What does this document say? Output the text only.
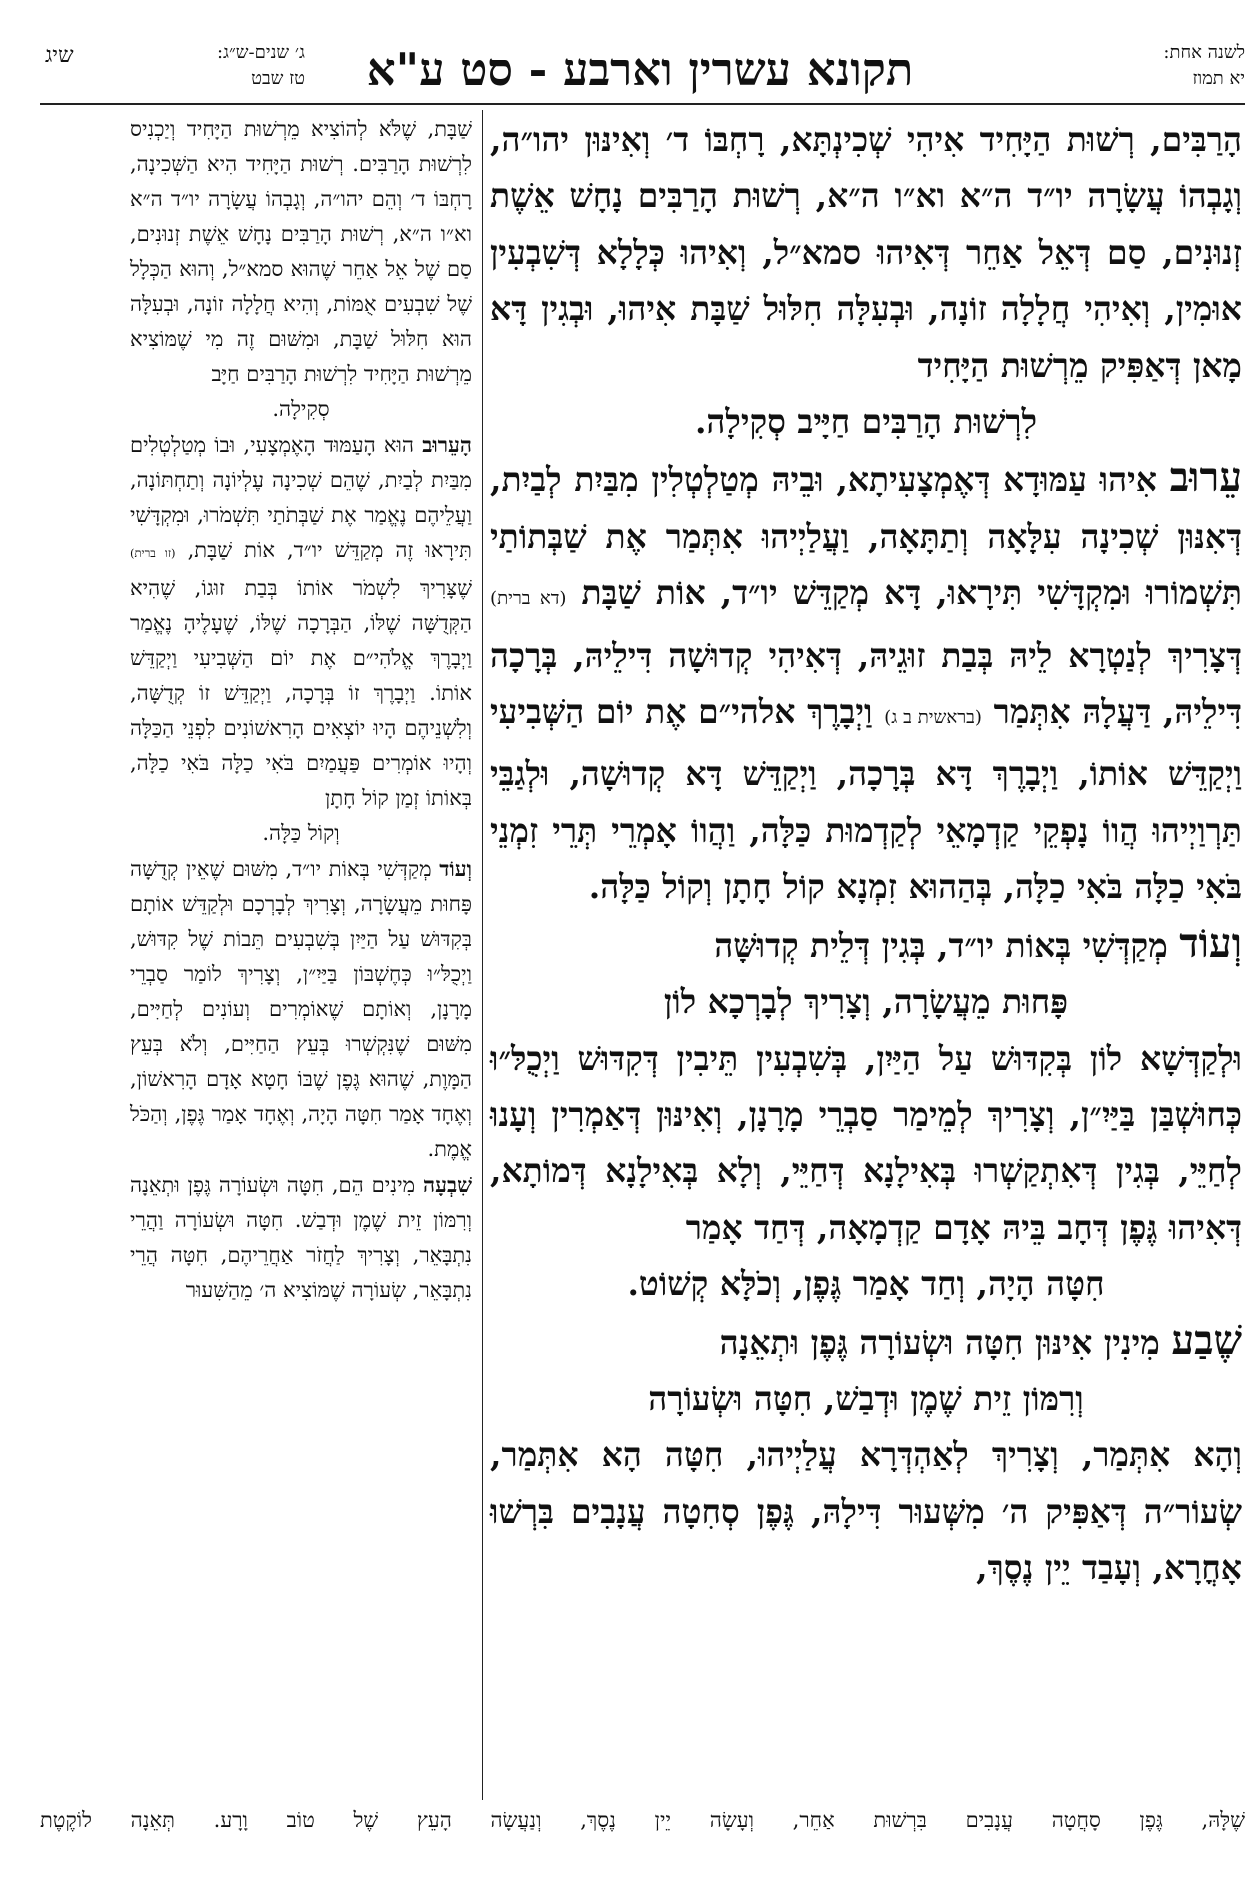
לשנה אחת:
יא תמוז
תקונא עשרין וארבע - סט ע"א
שיג	ג׳ שנים-ש״ג:
טז שבט

הָרַבִּים, רְשׁוּת הַיָּחִיד אִיהִי שְׁכִינְתָּא, רָחְבּוֹ ד׳ וְאִינּוּן יהו״ה, וְגָבְהוֹ עֲשָׂרָה יו״ד ה״א וא״ו ה״א, רְשׁוּת הָרַבִּים נָחָשׁ אֵשֶׁת זְנוּנִים, סַם דְּאֵל אַחֵר דְּאִיהוּ סמא״ל, וְאִיהוּ כְּלָלָא דְּשִׁבְעִין אוּמִין, וְאִיהִי חֲלָלָה זוֹנָה, וּבְעִלָּה חִלּוּל שַׁבָּת אִיהוּ, וּבְגִין דָּא מָאן דְּאַפִּיק מֵרְשׁוּת הַיָּחִיד

לִרְשׁוּת הָרַבִּים חַיָּיב סְקִילָה.

עֵרוּב אִיהוּ עַמּוּדָא דְּאֶמְצָעִיתָא, וּבֵיהּ מְטַלְטְלִין מִבַּיִת לְבַיִת, דְּאִנּוּן שְׁכִינָה עִלָּאָה וְתַתָּאָה, וַעֲלַיְיהוּ אִתְּמַר אֶת שַׁבְּתוֹתַי תִּשְׁמוֹרוּ וּמִקְדָּשִׁי תִּירָאוּ, דָּא מְקַדֵּשׁ יו״ד, אוֹת שַׁבָּת (דא ברית) דְּצָרִיךְ לְנַטְרָא לֵיהּ בְּבַת זוּגֵיהּ, דְּאִיהִי קְדוּשָׁה דִּילֵיהּ, בְּרָכָה דִּילֵיהּ, דַּעֲלָהּ אִתְּמַר (בראשית ב ג) וַיְבָרֶךְ אלהי״ם אֶת יוֹם הַשְּׁבִיעִי וַיְקַדֵּשׁ אוֹתוֹ, וַיְבָרֶךְ דָּא בְּרָכָה, וַיְקַדֵּשׁ דָּא קְדוּשָׁה, וּלְגַבֵּי תַּרְוַיְיהוּ הֲווֹ נָפְקֵי קַדְמָאֵי לְקַדְמוּת כַּלָּה, וַהֲווֹ אָמְרֵי תְּרֵי זִמְנֵי בֹּאִי כַלָּה בֹּאִי כַלָּה, בְּהַהוּא זִמְנָא קוֹל חָתָן וְקוֹל כַּלָּה.

וְעוֹד מְקַדְּשִׁי בְּאוֹת יו״ד, בְּגִין דְּלֵית קְדוּשָּׁה

פָּחוּת מֵעֲשָׂרָה, וְצָרִיךְ לְבָרְכָא לוֹן

וּלְקַדְּשָׁא לוֹן בְּקִדּוּשׁ עַל הַיַּיִן, בְּשִׁבְעִין תֵּיבִין דְּקִדּוּשׁ וַיְכֻלּ״וּ כְּחוּשְׁבַּן בַּיַּיִ״ן, וְצָרִיךְ לְמֵימַר סַבְרֵי מָרָנָן, וְאִינּוּן דְּאַמְרִין וְעָנוּ לְחַיֵּי, בְּגִין דְּאִתְקַשְׁרוּ בְּאִילָנָא דְּחַיֵּי, וְלָא בְּאִילָנָא דְּמוֹתָא, דְּאִיהוּ גֶּפֶן דְּחָב בֵּיהּ אָדָם קַדְמָאָה, דְּחַד אָמַר

חִטָּה הָיָה, וְחַד אָמַר גֶּפֶן, וְכֹלָּא קְשׁוֹט.

שֶׁבַע מִינִין אִינּוּן חִטָּה וּשְׂעוֹרָה גֶּפֶן וּתְאֵנָה

וְרִמּוֹן זֵית שֶׁמֶן וּדְבַשׁ, חִטָּה וּשְׂעוֹרָה

וְהָא אִתְּמַר, וְצָרִיךְ לְאַהְדְּרָא עֲלַיְיהוּ, חִטָּה הָא אִתְּמַר, שְׂעוֹר״ה דְּאַפִּיק ה׳ מִשְּׁעוּר דִּילָהּ, גֶּפֶן סְחִטָה עֲנָבִים בִּרְשׁוּ אָחֳרָא, וְעָבַד יֵין נֶסֶךְ,

שַׁבָּת, שֶׁלֹּא לְהוֹצִיא מֵרְשׁוּת הַיָּחִיד וְיַכְנִיס לִרְשׁוּת הָרַבִּים. רְשׁוּת הַיָּחִיד הִיא הַשְּׁכִינָה, רָחְבּוֹ ד׳ וְהֵם יהו״ה, וְגָבְהוֹ עֲשָׂרָה יו״ד ה״א וא״ו ה״א, רְשׁוּת הָרַבִּים נָחָשׁ אֵשֶׁת זְנוּנִים, סַם שֶׁל אֵל אַחֵר שֶׁהוּא סמא״ל, וְהוּא הַכְּלָל שֶׁל שִׁבְעִים אֻמּוֹת, וְהִיא חֲלָלָה זוֹנָה, וּבְעִלָּה הוּא חִלּוּל שַׁבָּת, וּמִשּׁוּם זֶה מִי שֶׁמּוֹצִיא מֵרְשׁוּת הַיָּחִיד לִרְשׁוּת הָרַבִּים חַיָּב

סְקִילָה.

הָעֵרוּב הוּא הָעַמּוּד הָאֶמְצָעִי, וּבוֹ מְטַלְטְלִים מִבַּיִת לְבַיִת, שֶׁהֵם שְׁכִינָה עֶלְיוֹנָה וְתַחְתּוֹנָה, וַעֲלֵיהֶם נֶאֱמַר אֶת שַׁבְּתֹתַי תִּשְׁמֹרוּ, וּמִקְדָּשִׁי תִּירָאוּ זֶה מְקַדֵּשׁ יו״ד, אוֹת שַׁבָּת, (זו ברית) שֶׁצָּרִיךְ לִשְׁמֹר אוֹתוֹ בְּבַת זוּגוֹ, שֶׁהִיא הַקְּדֻשָּׁה שֶׁלּוֹ, הַבְּרָכָה שֶׁלּוֹ, שֶׁעָלֶיהָ נֶאֱמַר וַיְבָרֶךְ אֱלֹהִי״ם אֶת יוֹם הַשְּׁבִיעִי וַיְקַדֵּשׁ אוֹתוֹ. וַיְבָרֶךְ זוֹ בְּרָכָה, וַיְקַדֵּשׁ זוֹ קְדֻשָּׁה, וְלִשְׁנֵיהֶם הָיוּ יוֹצְאִים הָרִאשׁוֹנִים לִפְנֵי הַכַּלָּה וְהָיוּ אוֹמְרִים פַּעֲמַיִם בֹּאִי כַלָּה בֹּאִי כַלָּה, בְּאוֹתוֹ זְמַן קוֹל חָתָן

וְקוֹל כַּלָּה.

וְעוֹד מְקַדְּשִׁי בְּאוֹת יו״ד, מִשּׁוּם שֶׁאֵין קְדֻשָּׁה פָּחוּת מֵעֲשָׂרָה, וְצָרִיךְ לְבָרְכָם וּלְקַדֵּשׁ אוֹתָם בְּקִדּוּשׁ עַל הַיַּיִן בְּשִׁבְעִים תֵּבוֹת שֶׁל קִדּוּשׁ, וַיְכֻלּ״וּ כְּחֶשְׁבּוֹן בַּיַּיִ״ן, וְצָרִיךְ לוֹמַר סַבְרֵי מָרָנָן, וְאוֹתָם שֶׁאוֹמְרִים וְעוֹנִים לְחַיִּים, מִשּׁוּם שֶׁנִּקְשְׁרוּ בְּעֵץ הַחַיִּים, וְלֹא בְּעֵץ הַמָּוֶת, שֶׁהוּא גֶּפֶן שֶׁבּוֹ חָטָא אָדָם הָרִאשׁוֹן, וְאֶחָד אָמַר חִטָּה הָיָה, וְאֶחָד אָמַר גֶּפֶן, וְהַכֹּל אֱמֶת.

שִׁבְעָה מִינִים הֵם, חִטָּה וּשְׂעוֹרָה גֶּפֶן וּתְאֵנָה וְרִמּוֹן זֵית שֶׁמֶן וּדְבַשׁ. חִטָּה וּשְׂעוֹרָה וַהֲרֵי נִתְבָּאֵר, וְצָרִיךְ לַחֲזֹר אַחֲרֵיהֶם, חִטָּה הֲרֵי נִתְבָּאֵר, שְׂעוֹרָה שֶׁמּוֹצִיא ה׳ מֵהַשִּׁעוּר

שֶׁלָּהּ, גֶּפֶן סָחֲטָה עֲנָבִים בִּרְשׁוּת אַחֵר, וְעָשָׂה יֵין נֶסֶךְ, וְנַעֲשָׂה הָעֵץ שֶׁל טוֹב וָרָע. תְּאֵנָה לוֹקֶטֶת
